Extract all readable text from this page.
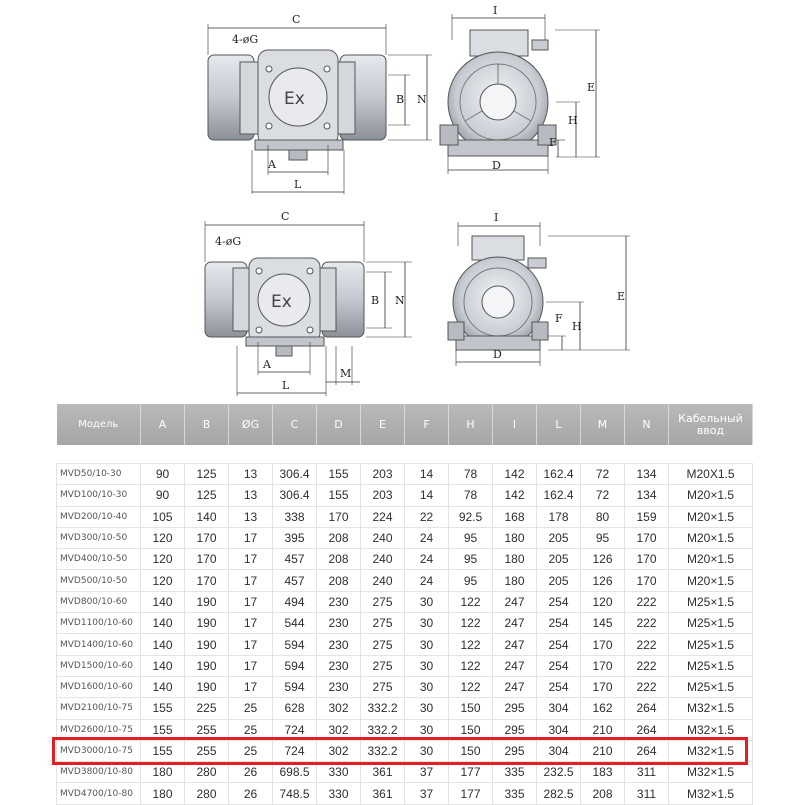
Ex
C
4-øG
B N
A
L
I
E
H
F
D
Ex
C
4-øG
B N
A
L
M
I
E
H
F
D
Модель	A	B	ØG	C	D	E	F	H	I	L	M	N	Кабельный ввод

MVD50/10-30	90	125	13	306.4	155	203	14	78	142	162.4	72	134	M20X1.5
MVD100/10-30	90	125	13	306.4	155	203	14	78	142	162.4	72	134	M20×1.5
MVD200/10-40	105	140	13	338	170	224	22	92.5	168	178	80	159	M20×1.5
MVD300/10-50	120	170	17	395	208	240	24	95	180	205	95	170	M20×1.5
MVD400/10-50	120	170	17	457	208	240	24	95	180	205	126	170	M20×1.5
MVD500/10-50	120	170	17	457	208	240	24	95	180	205	126	170	M20×1.5
MVD800/10-60	140	190	17	494	230	275	30	122	247	254	120	222	M25×1.5
MVD1100/10-60	140	190	17	544	230	275	30	122	247	254	145	222	M25×1.5
MVD1400/10-60	140	190	17	594	230	275	30	122	247	254	170	222	M25×1.5
MVD1500/10-60	140	190	17	594	230	275	30	122	247	254	170	222	M25×1.5
MVD1600/10-60	140	190	17	594	230	275	30	122	247	254	170	222	M25×1.5
MVD2100/10-75	155	225	25	628	302	332.2	30	150	295	304	162	264	M32×1.5
MVD2600/10-75	155	255	25	724	302	332.2	30	150	295	304	210	264	M32×1.5
MVD3000/10-75	155	255	25	724	302	332.2	30	150	295	304	210	264	M32×1.5
MVD3800/10-80	180	280	26	698.5	330	361	37	177	335	232.5	183	311	M32×1.5
MVD4700/10-80	180	280	26	748.5	330	361	37	177	335	282.5	208	311	M32×1.5
